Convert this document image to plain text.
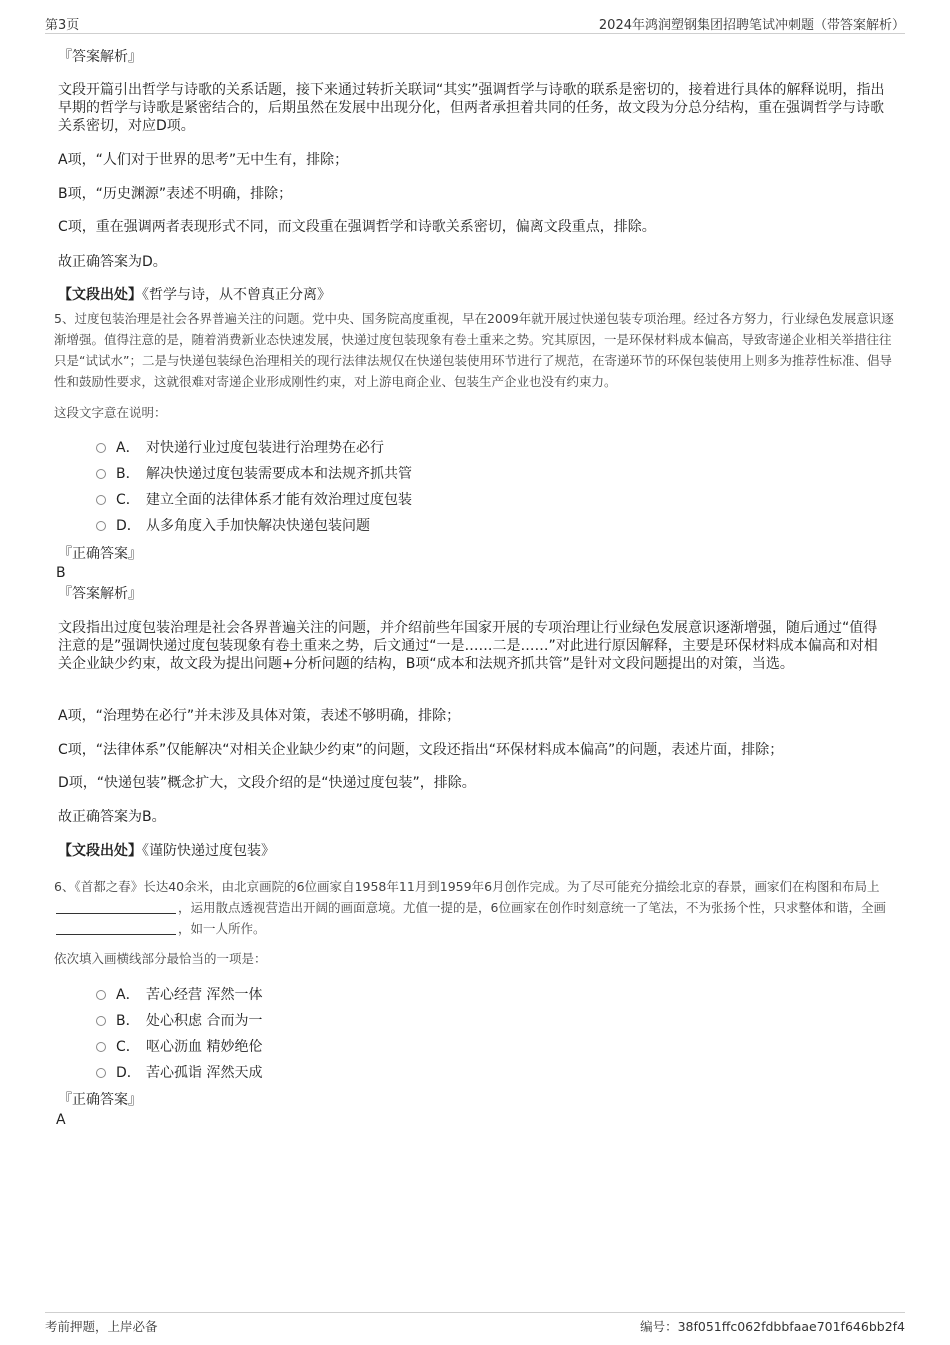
第3页	2024年鸿润塑钢集团招聘笔试冲刺题（带答案解析）
『答案解析』
文段开篇引出哲学与诗歌的关系话题，接下来通过转折关联词“其实”强调哲学与诗歌的联系是密切的，接着进行具体的解释说明，指出早期的哲学与诗歌是紧密结合的，后期虽然在发展中出现分化，但两者承担着共同的任务，故文段为分总分结构，重在强调哲学与诗歌关系密切，对应D项。
A项，“人们对于世界的思考”无中生有，排除；
B项，“历史渊源”表述不明确，排除；
C项，重在强调两者表现形式不同，而文段重在强调哲学和诗歌关系密切，偏离文段重点，排除。
故正确答案为D。
【文段出处】《哲学与诗，从不曾真正分离》
5、过度包装治理是社会各界普遍关注的问题。党中央、国务院高度重视，早在2009年就开展过快递包装专项治理。经过各方努力，行业绿色发展意识逐渐增强。值得注意的是，随着消费新业态快速发展，快递过度包装现象有卷土重来之势。究其原因，一是环保材料成本偏高，导致寄递企业相关举措往往只是“试试水”；二是与快递包装绿色治理相关的现行法律法规仅在快递包装使用环节进行了规范，在寄递环节的环保包装使用上则多为推荐性标准、倡导性和鼓励性要求，这就很难对寄递企业形成刚性约束，对上游电商企业、包装生产企业也没有约束力。
这段文字意在说明：
A． 对快递行业过度包装进行治理势在必行
B． 解决快递过度包装需要成本和法规齐抓共管
C． 建立全面的法律体系才能有效治理过度包装
D． 从多角度入手加快解决快递包装问题
『正确答案』
B
『答案解析』
文段指出过度包装治理是社会各界普遍关注的问题，并介绍前些年国家开展的专项治理让行业绿色发展意识逐渐增强，随后通过“值得注意的是”强调快递过度包装现象有卷土重来之势，后文通过“一是……二是……”对此进行原因解释，主要是环保材料成本偏高和对相关企业缺少约束，故文段为提出问题+分析问题的结构，B项“成本和法规齐抓共管”是针对文段问题提出的对策，当选。
A项，“治理势在必行”并未涉及具体对策，表述不够明确，排除；
C项，“法律体系”仅能解决“对相关企业缺少约束”的问题，文段还指出“环保材料成本偏高”的问题，表述片面，排除；
D项，“快递包装”概念扩大，文段介绍的是“快递过度包装”，排除。
故正确答案为B。
【文段出处】《谨防快递过度包装》
6、《首都之春》长达40余米，由北京画院的6位画家自1958年11月到1959年6月创作完成。为了尽可能充分描绘北京的春景，画家们在构图和布局上，运用散点透视营造出开阔的画面意境。尤值一提的是，6位画家在创作时刻意统一了笔法，不为张扬个性，只求整体和谐，全画，如一人所作。
依次填入画横线部分最恰当的一项是：
A． 苦心经营 浑然一体
B． 处心积虑 合而为一
C． 呕心沥血 精妙绝伦
D． 苦心孤诣 浑然天成
『正确答案』
A
考前押题，上岸必备	编号：38f051ffc062fdbbfaae701f646bb2f4
